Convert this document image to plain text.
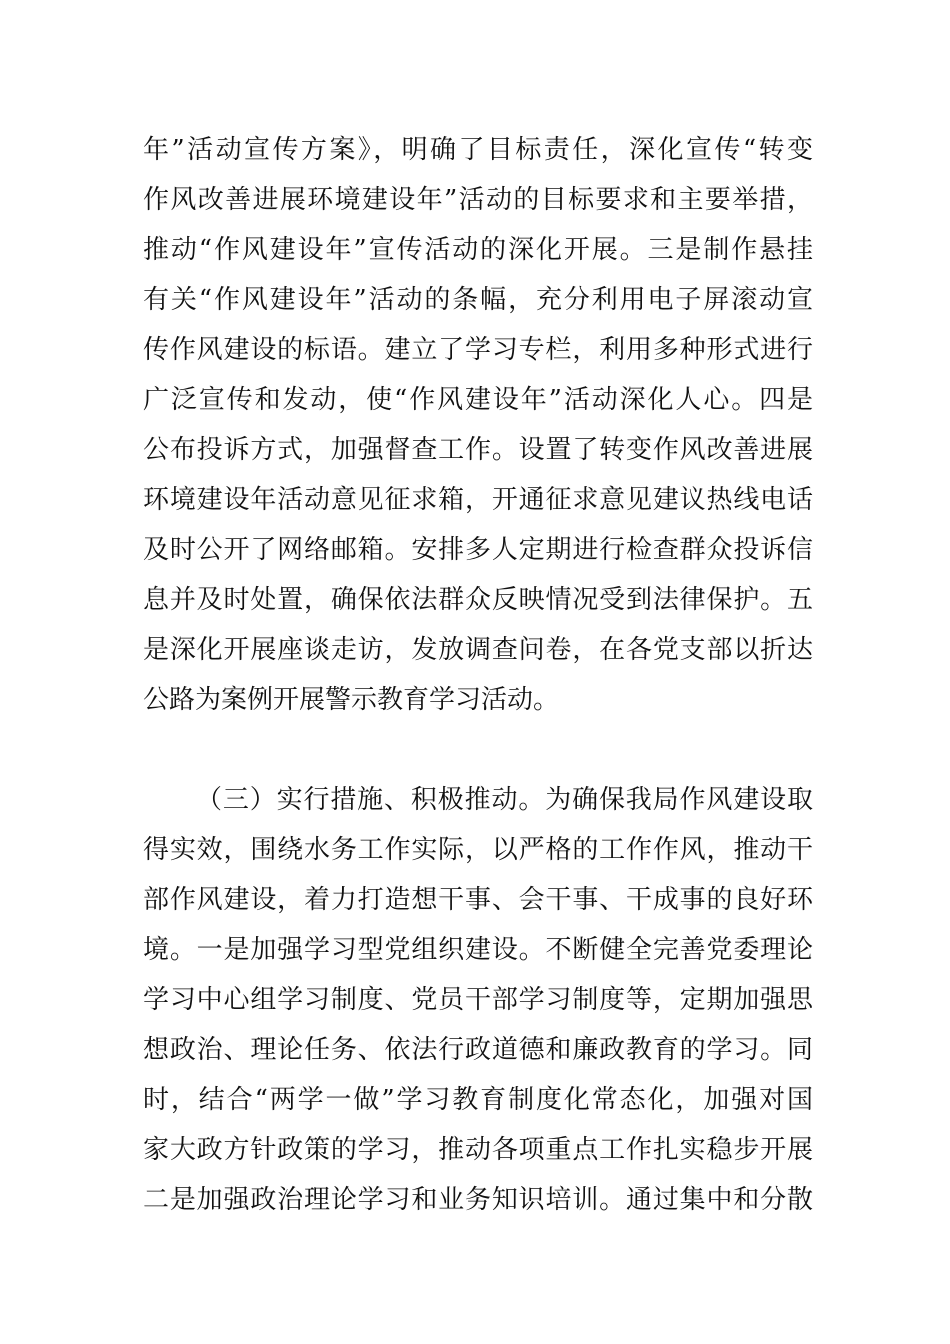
年”活动宣传方案》，明确了目标责任，深化宣传“转变
作风改善进展环境建设年”活动的目标要求和主要举措，
推动“作风建设年”宣传活动的深化开展。三是制作悬挂
有关“作风建设年”活动的条幅，充分利用电子屏滚动宣
传作风建设的标语。建立了学习专栏，利用多种形式进行
广泛宣传和发动，使“作风建设年”活动深化人心。四是
公布投诉方式，加强督查工作。设置了转变作风改善进展
环境建设年活动意见征求箱，开通征求意见建议热线电话
及时公开了网络邮箱。安排多人定期进行检查群众投诉信
息并及时处置，确保依法群众反映情况受到法律保护。五
是深化开展座谈走访，发放调查问卷，在各党支部以折达
公路为案例开展警示教育学习活动。
（三）实行措施、积极推动。为确保我局作风建设取
得实效，围绕水务工作实际，以严格的工作作风，推动干
部作风建设，着力打造想干事、会干事、干成事的良好环
境。一是加强学习型党组织建设。不断健全完善党委理论
学习中心组学习制度、党员干部学习制度等，定期加强思
想政治、理论任务、依法行政道德和廉政教育的学习。同
时，结合“两学一做”学习教育制度化常态化，加强对国
家大政方针政策的学习，推动各项重点工作扎实稳步开展
二是加强政治理论学习和业务知识培训。通过集中和分散
